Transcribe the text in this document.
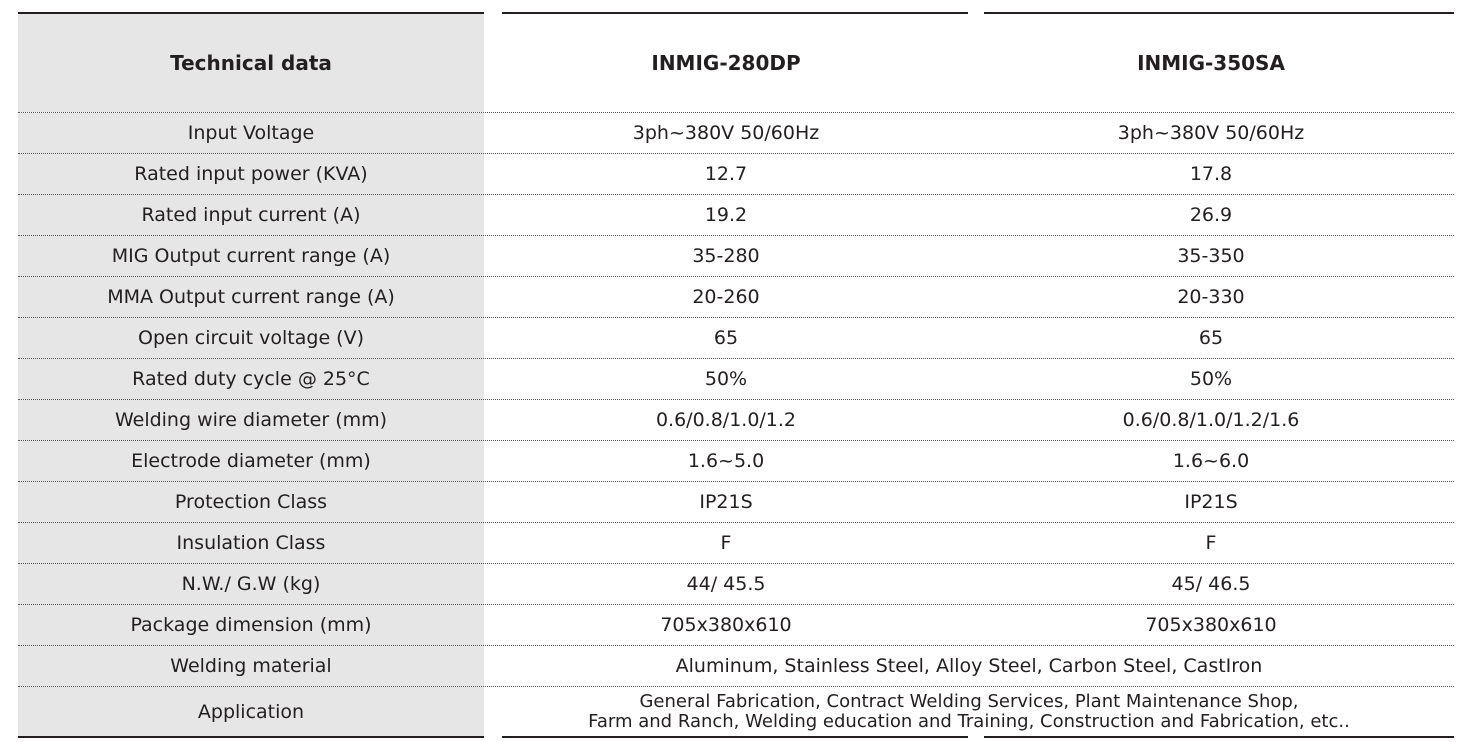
Technical data	INMIG-280DP	INMIG-350SA
Input Voltage	3ph~380V 50/60Hz	3ph~380V 50/60Hz
Rated input power (KVA)	12.7	17.8
Rated input current (A)	19.2	26.9
MIG Output current range (A)	35-280	35-350
MMA Output current range (A)	20-260	20-330
Open circuit voltage (V)	65	65
Rated duty cycle @ 25°C	50%	50%
Welding wire diameter (mm)	0.6/0.8/1.0/1.2	0.6/0.8/1.0/1.2/1.6
Electrode diameter (mm)	1.6~5.0	1.6~6.0
Protection Class	IP21S	IP21S
Insulation Class	F	F
N.W./ G.W (kg)	44/ 45.5	45/ 46.5
Package dimension (mm)	705x380x610	705x380x610
Welding material	Aluminum, Stainless Steel, Alloy Steel, Carbon Steel, CastIron
Application	General Fabrication, Contract Welding Services, Plant Maintenance Shop,
Farm and Ranch, Welding education and Training, Construction and Fabrication, etc..
